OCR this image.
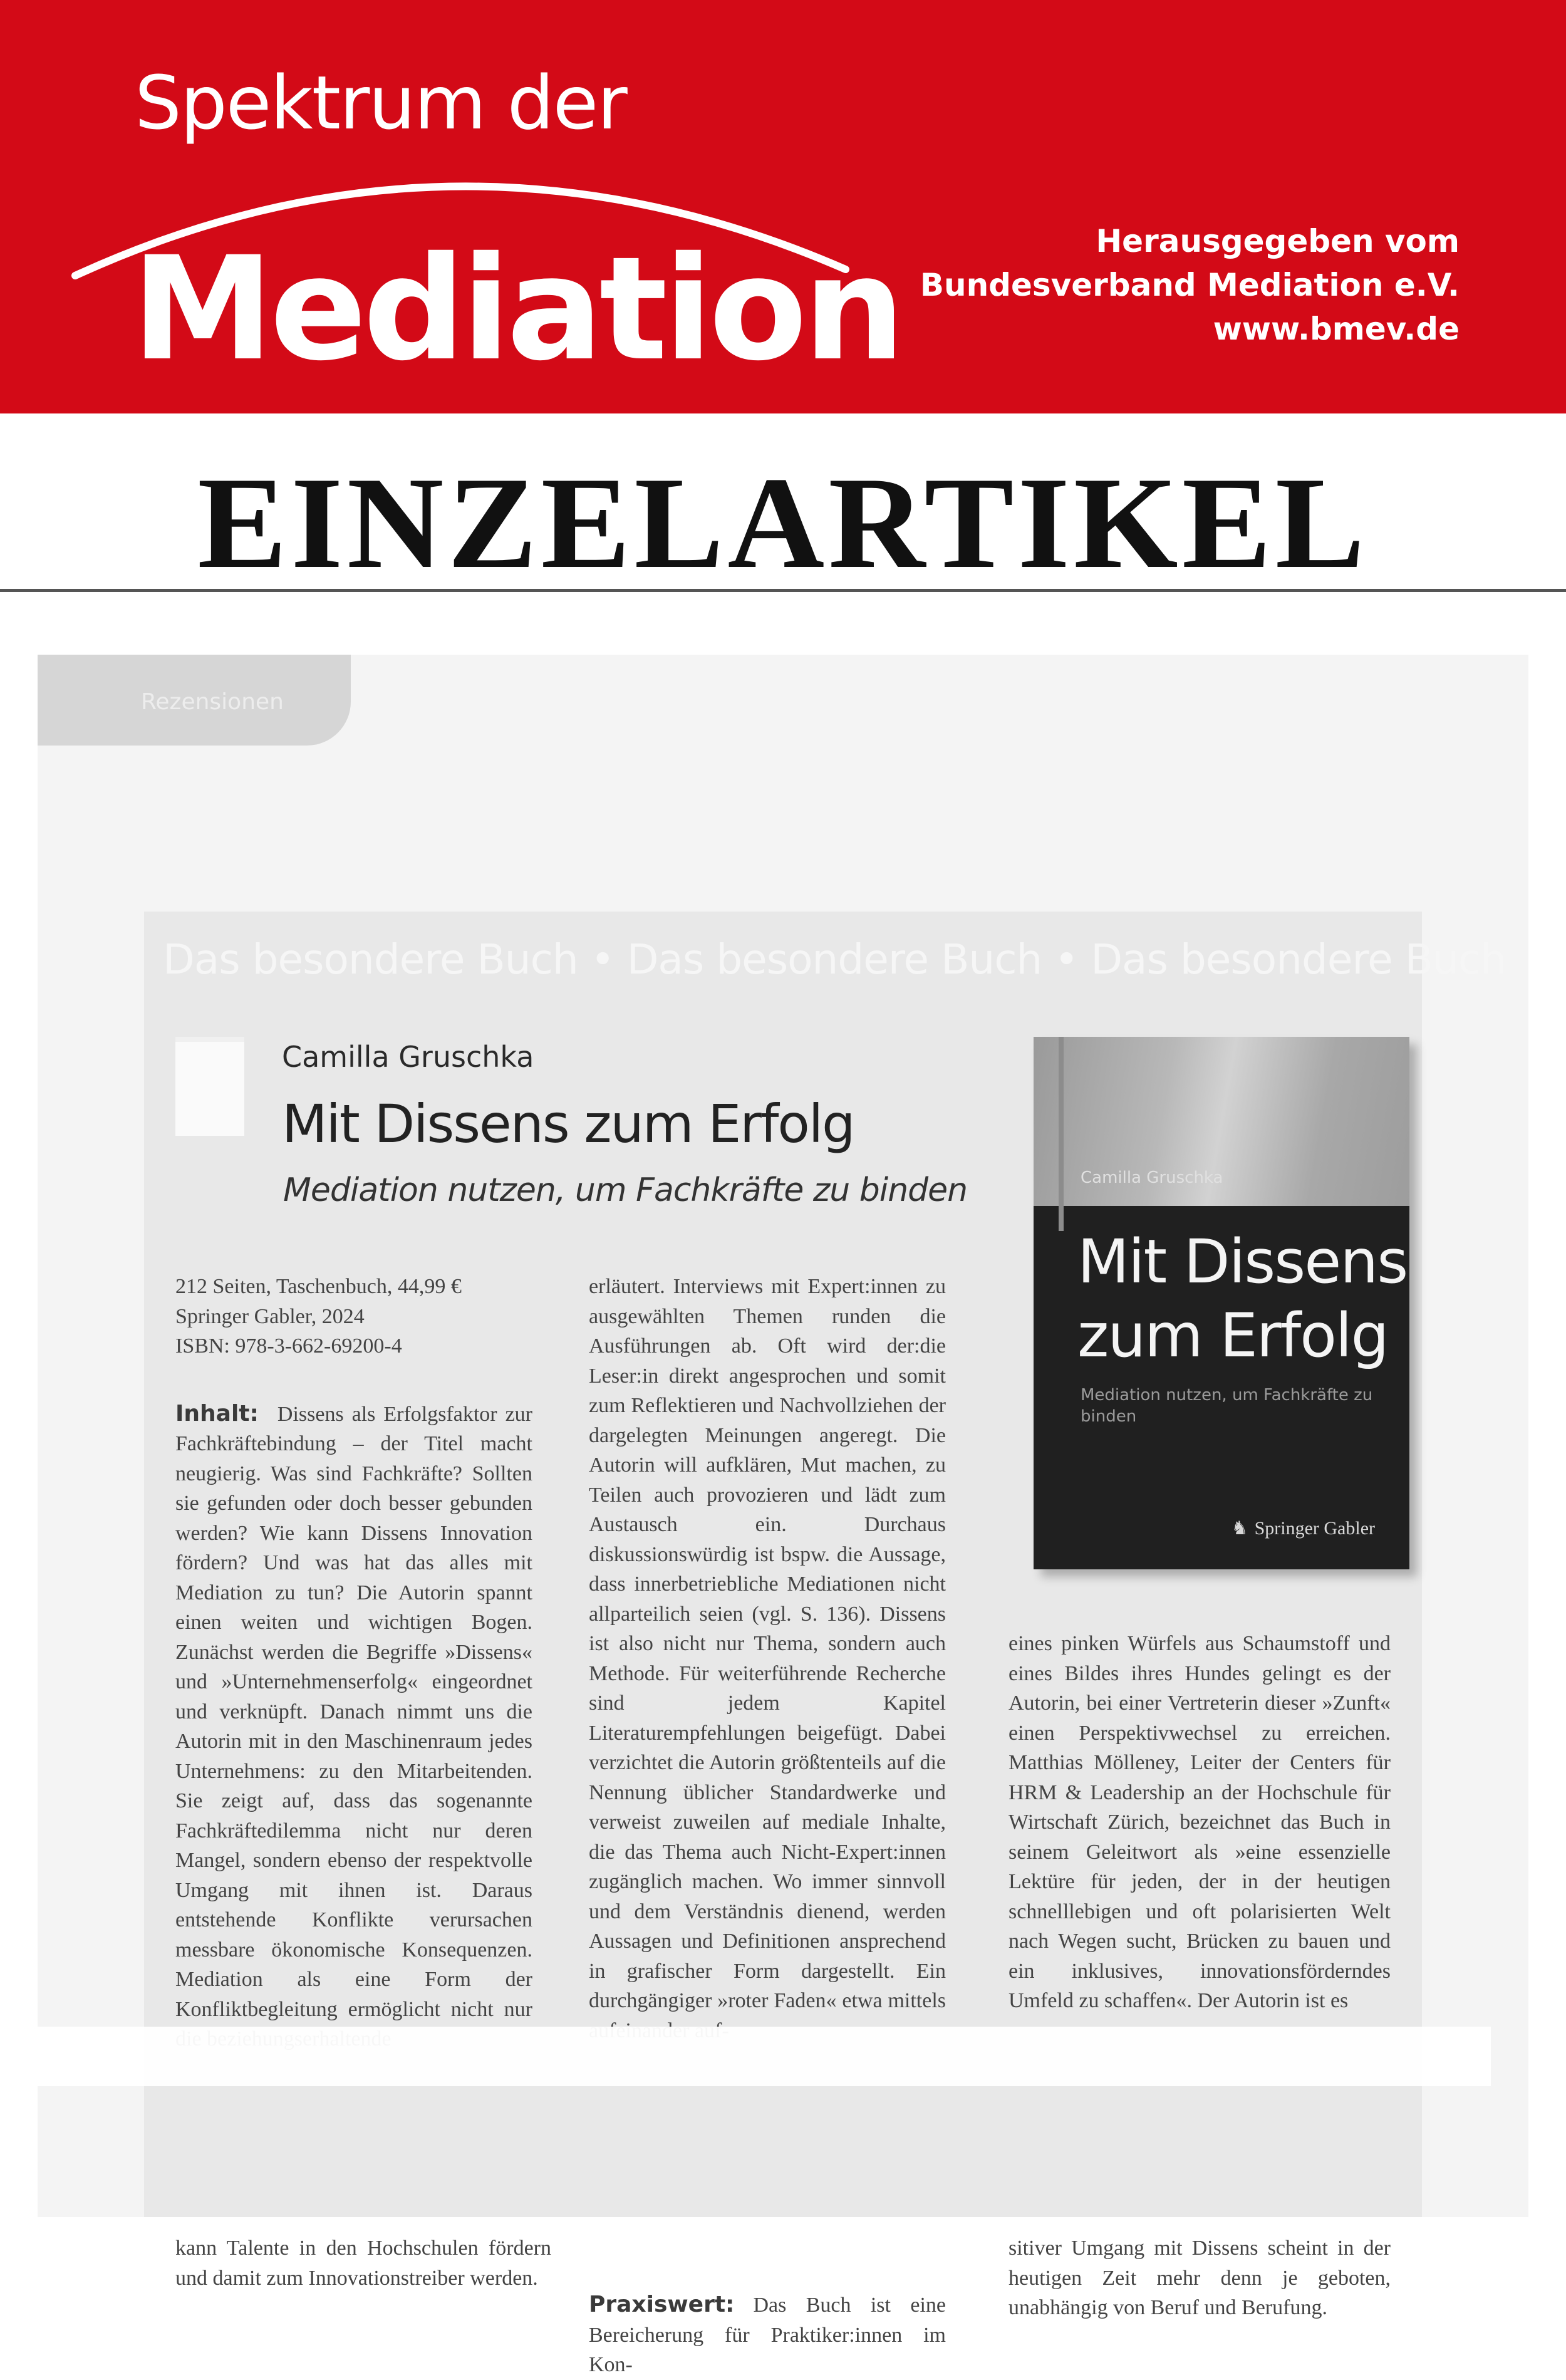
Spektrum der
Mediation	Herausgegeben vom
Bundesverband Mediation e.V.
www.bmev.de
EINZELARTIKEL
Rezensionen
Das besondere Buch • Das besondere Buch • Das besondere Buch
Camilla Gruschka
Mit Dissens zum Erfolg
Mediation nutzen, um Fachkräfte zu binden	Camilla Gruschka
Mit Dissens
zum Erfolg
Mediation nutzen, um Fachkräfte zu binden
♞ Springer Gabler

212 Seiten, Taschenbuch, 44,99 €
Springer Gabler, 2024
ISBN: 978-3-662-69200-4

Inhalt: Dissens als Erfolgsfaktor zur Fachkräftebindung – der Titel macht neugierig. Was sind Fachkräfte? Sollten sie gefunden oder doch besser gebunden werden? Wie kann Dissens Innovation fördern? Und was hat das alles mit Mediation zu tun? Die Autorin spannt einen weiten und wichtigen Bogen. Zunächst werden die Begriffe »Dissens« und »Unternehmenserfolg« eingeordnet und verknüpft. Danach nimmt uns die Autorin mit in den Maschinenraum jedes Unternehmens: zu den Mitarbeitenden. Sie zeigt auf, dass das sogenannte Fachkräftedilemma nicht nur deren Mangel, sondern ebenso der respektvolle Umgang mit ihnen ist. Daraus entstehende Konflikte verursachen messbare ökonomische Konsequenzen. Mediation als eine Form der Konfliktbegleitung ermöglicht nicht nur

erläutert. Interviews mit Expert:innen zu ausgewählten Themen runden die Ausführungen ab. Oft wird der:die Leser:in direkt angesprochen und somit zum Reflektieren und Nachvollziehen der dargelegten Meinungen angeregt. Die Autorin will aufklären, Mut machen, zu Teilen auch provozieren und lädt zum Austausch ein. Durchaus diskussionswürdig ist bspw. die Aussage, dass innerbetriebliche Mediationen nicht allparteilich seien (vgl. S. 136). Dissens ist also nicht nur Thema, sondern auch Methode. Für weiterführende Recherche sind jedem Kapitel Literaturempfehlungen beigefügt. Dabei verzichtet die Autorin größtenteils auf die Nennung üblicher Standardwerke und verweist zuweilen auf mediale Inhalte, die das Thema auch Nicht-Expert:innen zugänglich machen. Wo immer sinnvoll und dem Verständnis dienend, werden Aussagen und Definitionen ansprechend in grafischer Form dargestellt. Ein durchgängiger »roter Faden« etwa mittels

eines pinken Würfels aus Schaumstoff und eines Bildes ihres Hundes gelingt es der Autorin, bei einer Vertreterin dieser »Zunft« einen Perspektivwechsel zu erreichen. Matthias Mölleney, Leiter der Centers für HRM & Leadership an der Hochschule für Wirtschaft Zürich, bezeichnet das Buch in seinem Geleitwort als »eine essenzielle Lektüre für jeden, der in der heutigen schnelllebigen und oft polarisierten Welt nach Wegen sucht, Brücken zu bauen und ein inklusives, innovationsförderndes Umfeld zu schaffen«. Der Autorin ist es

kann Talente in den Hochschulen fördern und damit zum Innovationstreiber werden.

Praxiswert: Das Buch ist eine Bereicherung für Praktiker:innen im Kon-

sitiver Umgang mit Dissens scheint in der heutigen Zeit mehr denn je geboten, unabhängig von Beruf und Berufung.
